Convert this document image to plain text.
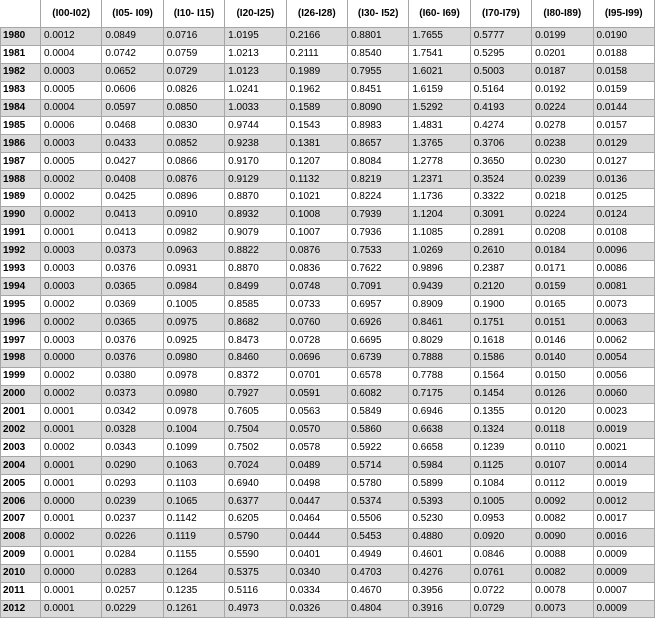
	(I00-I02)	(I05- I09)	(I10- I15)	(I20-I25)	(I26-I28)	(I30- I52)	(I60- I69)	(I70-I79)	(I80-I89)	(I95-I99)
1980	0.0012	0.0849	0.0716	1.0195	0.2166	0.8801	1.7655	0.5777	0.0199	0.0190
1981	0.0004	0.0742	0.0759	1.0213	0.2111	0.8540	1.7541	0.5295	0.0201	0.0188
1982	0.0003	0.0652	0.0729	1.0123	0.1989	0.7955	1.6021	0.5003	0.0187	0.0158
1983	0.0005	0.0606	0.0826	1.0241	0.1962	0.8451	1.6159	0.5164	0.0192	0.0159
1984	0.0004	0.0597	0.0850	1.0033	0.1589	0.8090	1.5292	0.4193	0.0224	0.0144
1985	0.0006	0.0468	0.0830	0.9744	0.1543	0.8983	1.4831	0.4274	0.0278	0.0157
1986	0.0003	0.0433	0.0852	0.9238	0.1381	0.8657	1.3765	0.3706	0.0238	0.0129
1987	0.0005	0.0427	0.0866	0.9170	0.1207	0.8084	1.2778	0.3650	0.0230	0.0127
1988	0.0002	0.0408	0.0876	0.9129	0.1132	0.8219	1.2371	0.3524	0.0239	0.0136
1989	0.0002	0.0425	0.0896	0.8870	0.1021	0.8224	1.1736	0.3322	0.0218	0.0125
1990	0.0002	0.0413	0.0910	0.8932	0.1008	0.7939	1.1204	0.3091	0.0224	0.0124
1991	0.0001	0.0413	0.0982	0.9079	0.1007	0.7936	1.1085	0.2891	0.0208	0.0108
1992	0.0003	0.0373	0.0963	0.8822	0.0876	0.7533	1.0269	0.2610	0.0184	0.0096
1993	0.0003	0.0376	0.0931	0.8870	0.0836	0.7622	0.9896	0.2387	0.0171	0.0086
1994	0.0003	0.0365	0.0984	0.8499	0.0748	0.7091	0.9439	0.2120	0.0159	0.0081
1995	0.0002	0.0369	0.1005	0.8585	0.0733	0.6957	0.8909	0.1900	0.0165	0.0073
1996	0.0002	0.0365	0.0975	0.8682	0.0760	0.6926	0.8461	0.1751	0.0151	0.0063
1997	0.0003	0.0376	0.0925	0.8473	0.0728	0.6695	0.8029	0.1618	0.0146	0.0062
1998	0.0000	0.0376	0.0980	0.8460	0.0696	0.6739	0.7888	0.1586	0.0140	0.0054
1999	0.0002	0.0380	0.0978	0.8372	0.0701	0.6578	0.7788	0.1564	0.0150	0.0056
2000	0.0002	0.0373	0.0980	0.7927	0.0591	0.6082	0.7175	0.1454	0.0126	0.0060
2001	0.0001	0.0342	0.0978	0.7605	0.0563	0.5849	0.6946	0.1355	0.0120	0.0023
2002	0.0001	0.0328	0.1004	0.7504	0.0570	0.5860	0.6638	0.1324	0.0118	0.0019
2003	0.0002	0.0343	0.1099	0.7502	0.0578	0.5922	0.6658	0.1239	0.0110	0.0021
2004	0.0001	0.0290	0.1063	0.7024	0.0489	0.5714	0.5984	0.1125	0.0107	0.0014
2005	0.0001	0.0293	0.1103	0.6940	0.0498	0.5780	0.5899	0.1084	0.0112	0.0019
2006	0.0000	0.0239	0.1065	0.6377	0.0447	0.5374	0.5393	0.1005	0.0092	0.0012
2007	0.0001	0.0237	0.1142	0.6205	0.0464	0.5506	0.5230	0.0953	0.0082	0.0017
2008	0.0002	0.0226	0.1119	0.5790	0.0444	0.5453	0.4880	0.0920	0.0090	0.0016
2009	0.0001	0.0284	0.1155	0.5590	0.0401	0.4949	0.4601	0.0846	0.0088	0.0009
2010	0.0000	0.0283	0.1264	0.5375	0.0340	0.4703	0.4276	0.0761	0.0082	0.0009
2011	0.0001	0.0257	0.1235	0.5116	0.0334	0.4670	0.3956	0.0722	0.0078	0.0007
2012	0.0001	0.0229	0.1261	0.4973	0.0326	0.4804	0.3916	0.0729	0.0073	0.0009
